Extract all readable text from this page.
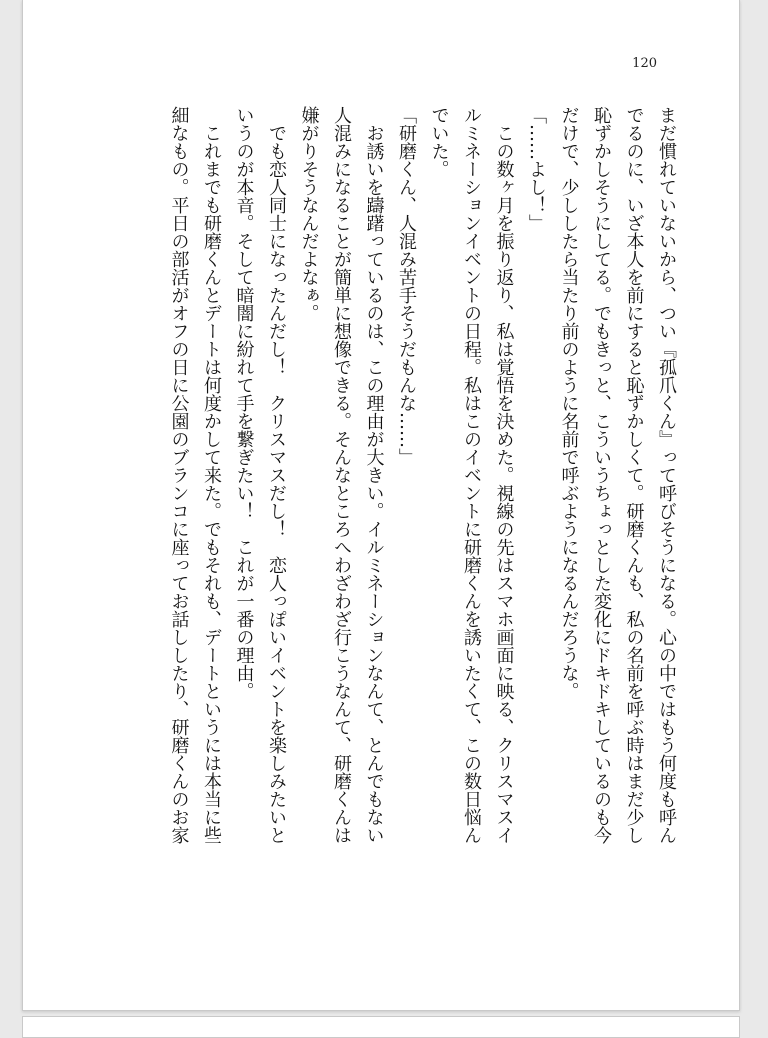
120

まだ慣れていないから、つい『孤爪くん』って呼びそうになる。心の中ではもう何度も呼ん

でるのに、いざ本人を前にすると恥ずかしくて。研磨くんも、私の名前を呼ぶ時はまだ少し

恥ずかしそうにしてる。でもきっと、こういうちょっとした変化にドキドキしているのも今

だけで、少ししたら当たり前のように名前で呼ぶようになるんだろうな。

「……よし！」

　この数ヶ月を振り返り、私は覚悟を決めた。視線の先はスマホ画面に映る、クリスマスイ

ルミネーションイベントの日程。私はこのイベントに研磨くんを誘いたくて、この数日悩ん

でいた。

「研磨くん、人混み苦手そうだもんな……」

　お誘いを躊躇っているのは、この理由が大きい。イルミネーションなんて、とんでもない

人混みになることが簡単に想像できる。そんなところへわざわざ行こうなんて、研磨くんは

嫌がりそうなんだよなぁ。

　でも恋人同士になったんだし！　クリスマスだし！　恋人っぽいイベントを楽しみたいと

いうのが本音。そして暗闇に紛れて手を繋ぎたい！　これが一番の理由。

　これまでも研磨くんとデートは何度かして来た。でもそれも、デートというには本当に些

細なもの。平日の部活がオフの日に公園のブランコに座ってお話ししたり、研磨くんのお家
